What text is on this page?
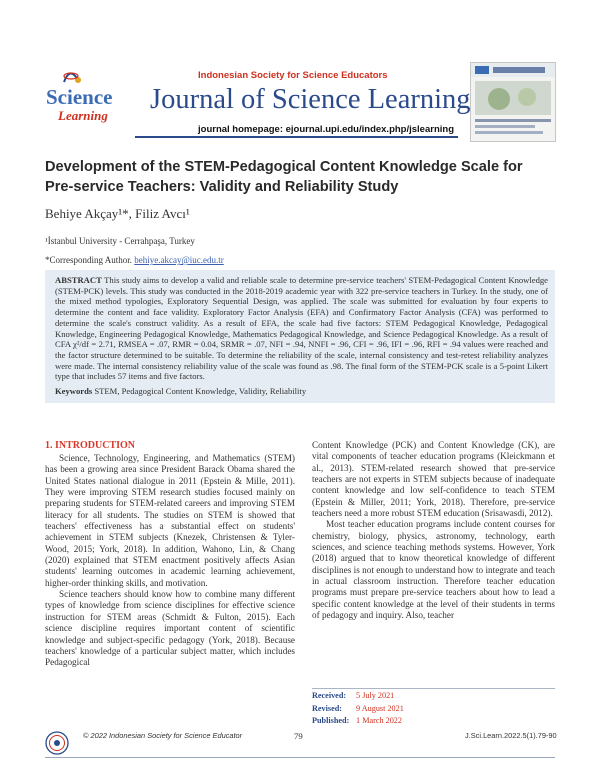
Science
Learning
Indonesian Society for Science Educators
Journal of Science Learning
journal homepage: ejournal.upi.edu/index.php/jslearning
Development of the STEM-Pedagogical Content Knowledge Scale for Pre-service Teachers: Validity and Reliability Study
Behiye Akçay¹*, Filiz Avcı¹
¹İstanbul University - Cerrahpaşa, Turkey
*Corresponding Author. behiye.akcay@iuc.edu.tr
ABSTRACT This study aims to develop a valid and reliable scale to determine pre-service teachers' STEM-Pedagogical Content Knowledge (STEM-PCK) levels. This study was conducted in the 2018-2019 academic year with 322 pre-service teachers in Turkey. In the study, one of the mixed method typologies, Exploratory Sequential Design, was applied. The scale was submitted for evaluation by four experts to determine the content and face validity. Exploratory Factor Analysis (EFA) and Confirmatory Factor Analysis (CFA) was performed to determine the scale's construct validity. As a result of EFA, the scale had five factors: STEM Pedagogical Knowledge, Pedagogical Knowledge, Engineering Pedagogical Knowledge, Mathematics Pedagogical Knowledge, and Science Pedagogical Knowledge. As a result of CFA χ²/df = 2.71, RMSEA = .07, RMR = 0.04, SRMR = .07, NFI = .94, NNFI = .96, CFI = .96, IFI = .96, RFI = .94 values were reached and the factor structure determined to be suitable. To determine the reliability of the scale, internal consistency and test-retest reliability analyzes were made. The internal consistency reliability value of the scale was found as .98. The final form of the STEM-PCK scale is a 5-point Likert type that includes 57 items and five factors.
Keywords STEM, Pedagogical Content Knowledge, Validity, Reliability
1. INTRODUCTION

Science, Technology, Engineering, and Mathematics (STEM) has been a growing area since President Barack Obama shared the United States national dialogue in 2011 (Epstein & Mille, 2011). They were improving STEM research studies focused mainly on preparing students for STEM-related careers and improving STEM literacy for all students. The studies on STEM is showed that teachers' effectiveness has a substantial effect on students' achievement in STEM subjects (Knezek, Christensen & Tyler-Wood, 2015; York, 2018). In addition, Wahono, Lin, & Chang (2020) explained that STEM enactment positively affects Asian students' learning outcomes in academic learning achievement, higher-order thinking skills, and motivation.

Science teachers should know how to combine many different types of knowledge from science disciplines for effective science instruction for STEM areas (Schmidt & Fulton, 2015). Each science discipline requires important content of scientific knowledge and subject-specific pedagogy (York, 2018). Because teachers' knowledge of a particular subject matter, which includes Pedagogical

Content Knowledge (PCK) and Content Knowledge (CK), are vital components of teacher education programs (Kleickmann et al., 2013). STEM-related research showed that pre-service teachers are not experts in STEM subjects because of inadequate content knowledge and low self-confidence to teach STEM (Epstein & Miller, 2011; York, 2018). Therefore, pre-service teachers need a more robust STEM education (Srisawasdi, 2012).

Most teacher education programs include content courses for chemistry, biology, physics, astronomy, technology, earth sciences, and science teaching methods systems. However, York (2018) argued that to know theoretical knowledge of different disciplines is not enough to understand how to integrate and teach in actual classroom instruction. Therefore teacher education programs must prepare pre-service teachers about how to lead a specific content knowledge at the level of their students in terms of pedagogy and inquiry. Also, teacher

Received: 5 July 2021
Revised: 9 August 2021
Published: 1 March 2022
© 2022 Indonesian Society for Science Educator	79	J.Sci.Learn.2022.5(1).79-90
